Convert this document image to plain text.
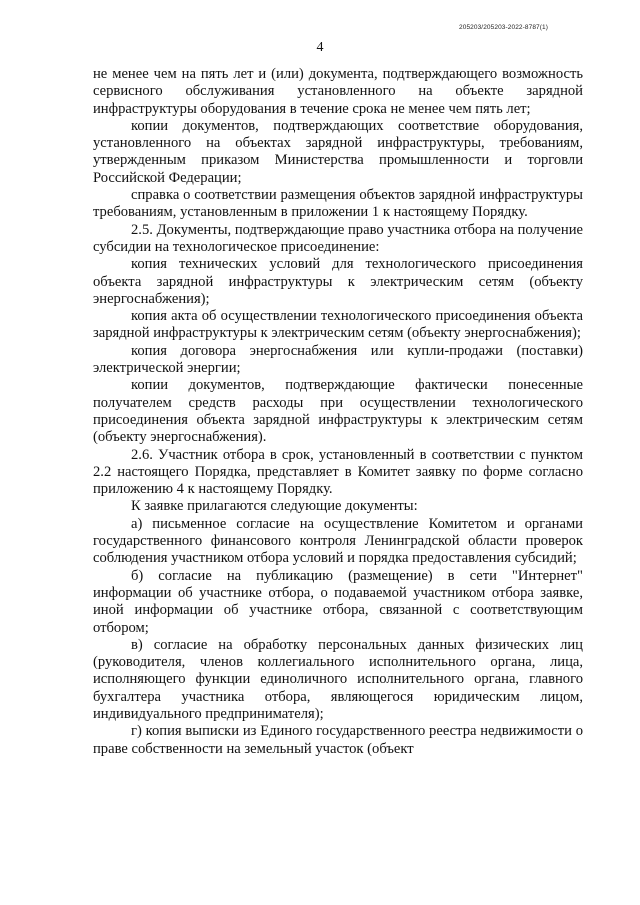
205203/205203-2022-8787(1)
4

не менее чем на пять лет и (или) документа, подтверждающего возможность сервисного обслуживания установленного на объекте зарядной инфраструктуры оборудования в течение срока не менее чем пять лет;

копии документов, подтверждающих соответствие оборудования, установленного на объектах зарядной инфраструктуры, требованиям, утвержденным приказом Министерства промышленности и торговли Российской Федерации;

справка о соответствии размещения объектов зарядной инфраструктуры требованиям, установленным в приложении 1 к настоящему Порядку.

2.5. Документы, подтверждающие право участника отбора на получение субсидии на технологическое присоединение:

копия технических условий для технологического присоединения объекта зарядной инфраструктуры к электрическим сетям (объекту энергоснабжения);

копия акта об осуществлении технологического присоединения объекта зарядной инфраструктуры к электрическим сетям (объекту энергоснабжения);

копия договора энергоснабжения или купли-продажи (поставки) электрической энергии;

копии документов, подтверждающие фактически понесенные получателем средств расходы при осуществлении технологического присоединения объекта зарядной инфраструктуры к электрическим сетям (объекту энергоснабжения).

2.6. Участник отбора в срок, установленный в соответствии с пунктом 2.2 настоящего Порядка, представляет в Комитет заявку по форме согласно приложению 4 к настоящему Порядку.

К заявке прилагаются следующие документы:

а) письменное согласие на осуществление Комитетом и органами государственного финансового контроля Ленинградской области проверок соблюдения участником отбора условий и порядка предоставления субсидий;

б) согласие на публикацию (размещение) в сети "Интернет" информации об участнике отбора, о подаваемой участником отбора заявке, иной информации об участнике отбора, связанной с соответствующим отбором;

в) согласие на обработку персональных данных физических лиц (руководителя, членов коллегиального исполнительного органа, лица, исполняющего функции единоличного исполнительного органа, главного бухгалтера участника отбора, являющегося юридическим лицом, индивидуального предпринимателя);

г) копия выписки из Единого государственного реестра недвижимости о праве собственности на земельный участок (объект
